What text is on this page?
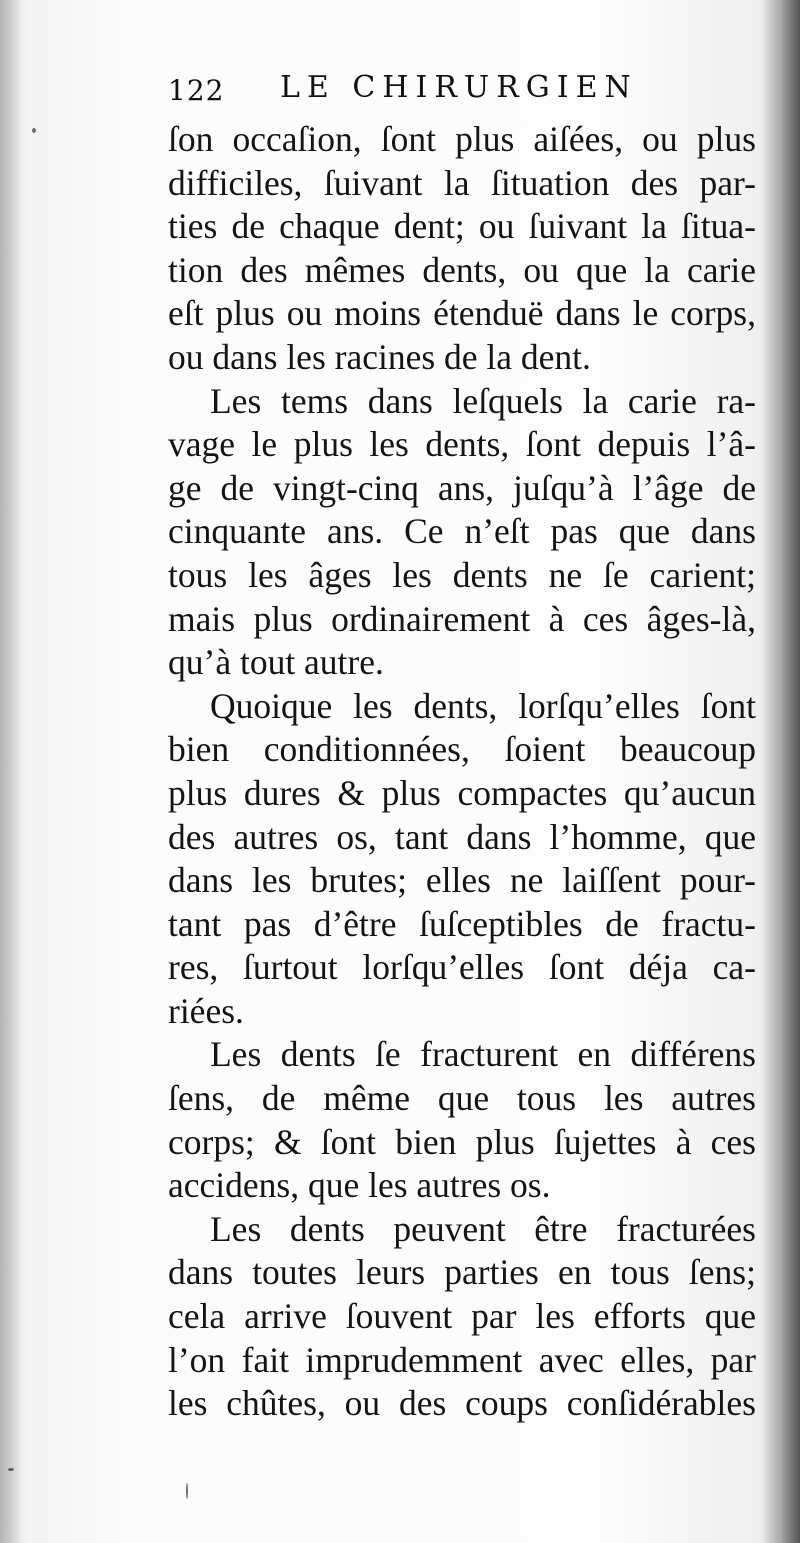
122 LE CHIRURGIEN
ſon occaſion, ſont plus aiſées, ou plus
difficiles, ſuivant la ſituation des par-
ties de chaque dent; ou ſuivant la ſitua-
tion des mêmes dents, ou que la carie
eſt plus ou moins étenduë dans le corps,
ou dans les racines de la dent.
Les tems dans leſquels la carie ra-
vage le plus les dents, ſont depuis l’â-
ge de vingt-cinq ans, juſqu’à l’âge de
cinquante ans. Ce n’eſt pas que dans
tous les âges les dents ne ſe carient;
mais plus ordinairement à ces âges-là,
qu’à tout autre.
Quoique les dents, lorſqu’elles ſont
bien conditionnées, ſoient beaucoup
plus dures & plus compactes qu’aucun
des autres os, tant dans l’homme, que
dans les brutes; elles ne laiſſent pour-
tant pas d’être ſuſceptibles de fractu-
res, ſurtout lorſqu’elles ſont déja ca-
riées.
Les dents ſe fracturent en différens
ſens, de même que tous les autres
corps; & ſont bien plus ſujettes à ces
accidens, que les autres os.
Les dents peuvent être fracturées
dans toutes leurs parties en tous ſens;
cela arrive ſouvent par les efforts que
l’on fait imprudemment avec elles, par
les chûtes, ou des coups conſidérables
